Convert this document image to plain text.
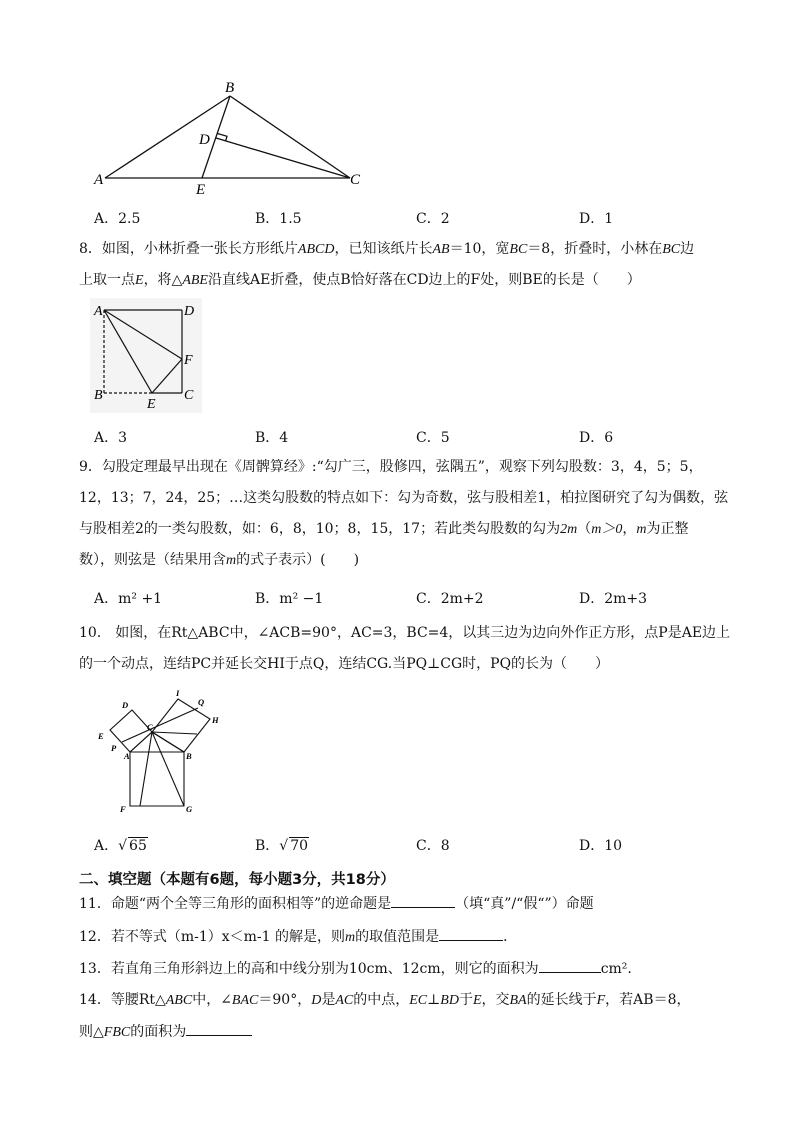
A
B
C
D
E
A．2.5	B．1.5	C．2	D．1
8．如图，小林折叠一张长方形纸片ABCD，已知该纸片长AB＝10，宽BC＝8，折叠时，小林在BC边
上取一点E，将△ABE沿直线AE折叠，使点B恰好落在CD边上的F处，则BE的长是（　　）
A	D
F
B	C
E
A．3	B．4	C．5	D．6
9．勾股定理最早出现在《周髀算经》:“勾广三，股修四，弦隅五”，观察下列勾股数：3，4，5；5，
12，13；7，24，25；…这类勾股数的特点如下：勾为奇数，弦与股相差1，柏拉图研究了勾为偶数，弦
与股相差2的一类勾股数，如：6，8，10；8，15，17；若此类勾股数的勾为2m（m＞0，m为正整
数），则弦是（结果用含m的式子表示）(　　)
A．m² +1	B．m² −1	C．2m+2	D．2m+3
10． 如图，在Rt△ABC中，∠ACB=90°，AC=3，BC=4，以其三边为边向外作正方形，点P是AE边上
的一个动点，连结PC并延长交HI于点Q，连结CG.当PQ⊥CG时，PQ的长为（　　）
I
D	Q
H
C
E
P
A	B
F	G
A．√ 65	B．√ 70	C．8	D．10
二、填空题（本题有6题，每小题3分，共18分）
11．命题“两个全等三角形的面积相等”的逆命题是	（填“真”/“假“”）命题
12．若不等式（m-1）x＜m-1 的解是，则m的取值范围是	．
13．若直角三角形斜边上的高和中线分别为10cm、12cm，则它的面积为	cm².
14．等腰Rt△ABC中，∠BAC＝90°，D是AC的中点，EC⊥BD于E，交BA的延长线于F，若AB＝8，
则△FBC的面积为
